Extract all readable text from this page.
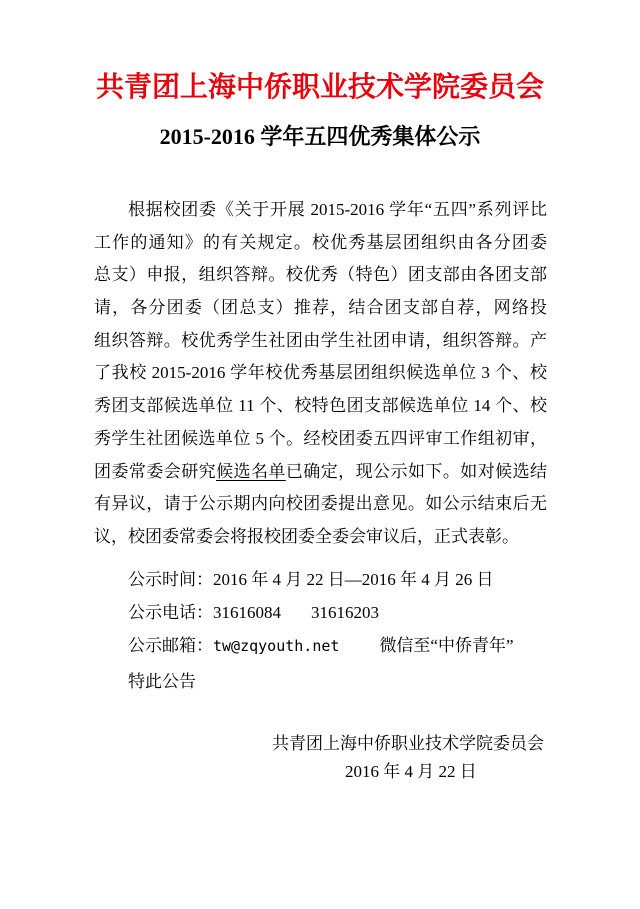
共青团上海中侨职业技术学院委员会
2015-2016 学年五四优秀集体公示
根据校团委《关于开展 2015-2016 学年“五四”系列评比
工作的通知》的有关规定。校优秀基层团组织由各分团委
总支）申报，组织答辩。校优秀（特色）团支部由各团支部
请，各分团委（团总支）推荐，结合团支部自荐，网络投
组织答辩。校优秀学生社团由学生社团申请，组织答辩。产
了我校 2015-2016 学年校优秀基层团组织候选单位 3 个、校
秀团支部候选单位 11 个、校特色团支部候选单位 14 个、校
秀学生社团候选单位 5 个。经校团委五四评审工作组初审，
团委常委会研究候选名单已确定，现公示如下。如对候选结
有异议，请于公示期内向校团委提出意见。如公示结束后无
议，校团委常委会将报校团委全委会审议后，正式表彰。
公示时间：2016 年 4 月 22 日—2016 年 4 月 26 日
公示电话：31616084 31616203
公示邮箱：tw@zqyouth.net 微信至“中侨青年”
特此公告
共青团上海中侨职业技术学院委员会
2016 年 4 月 22 日
